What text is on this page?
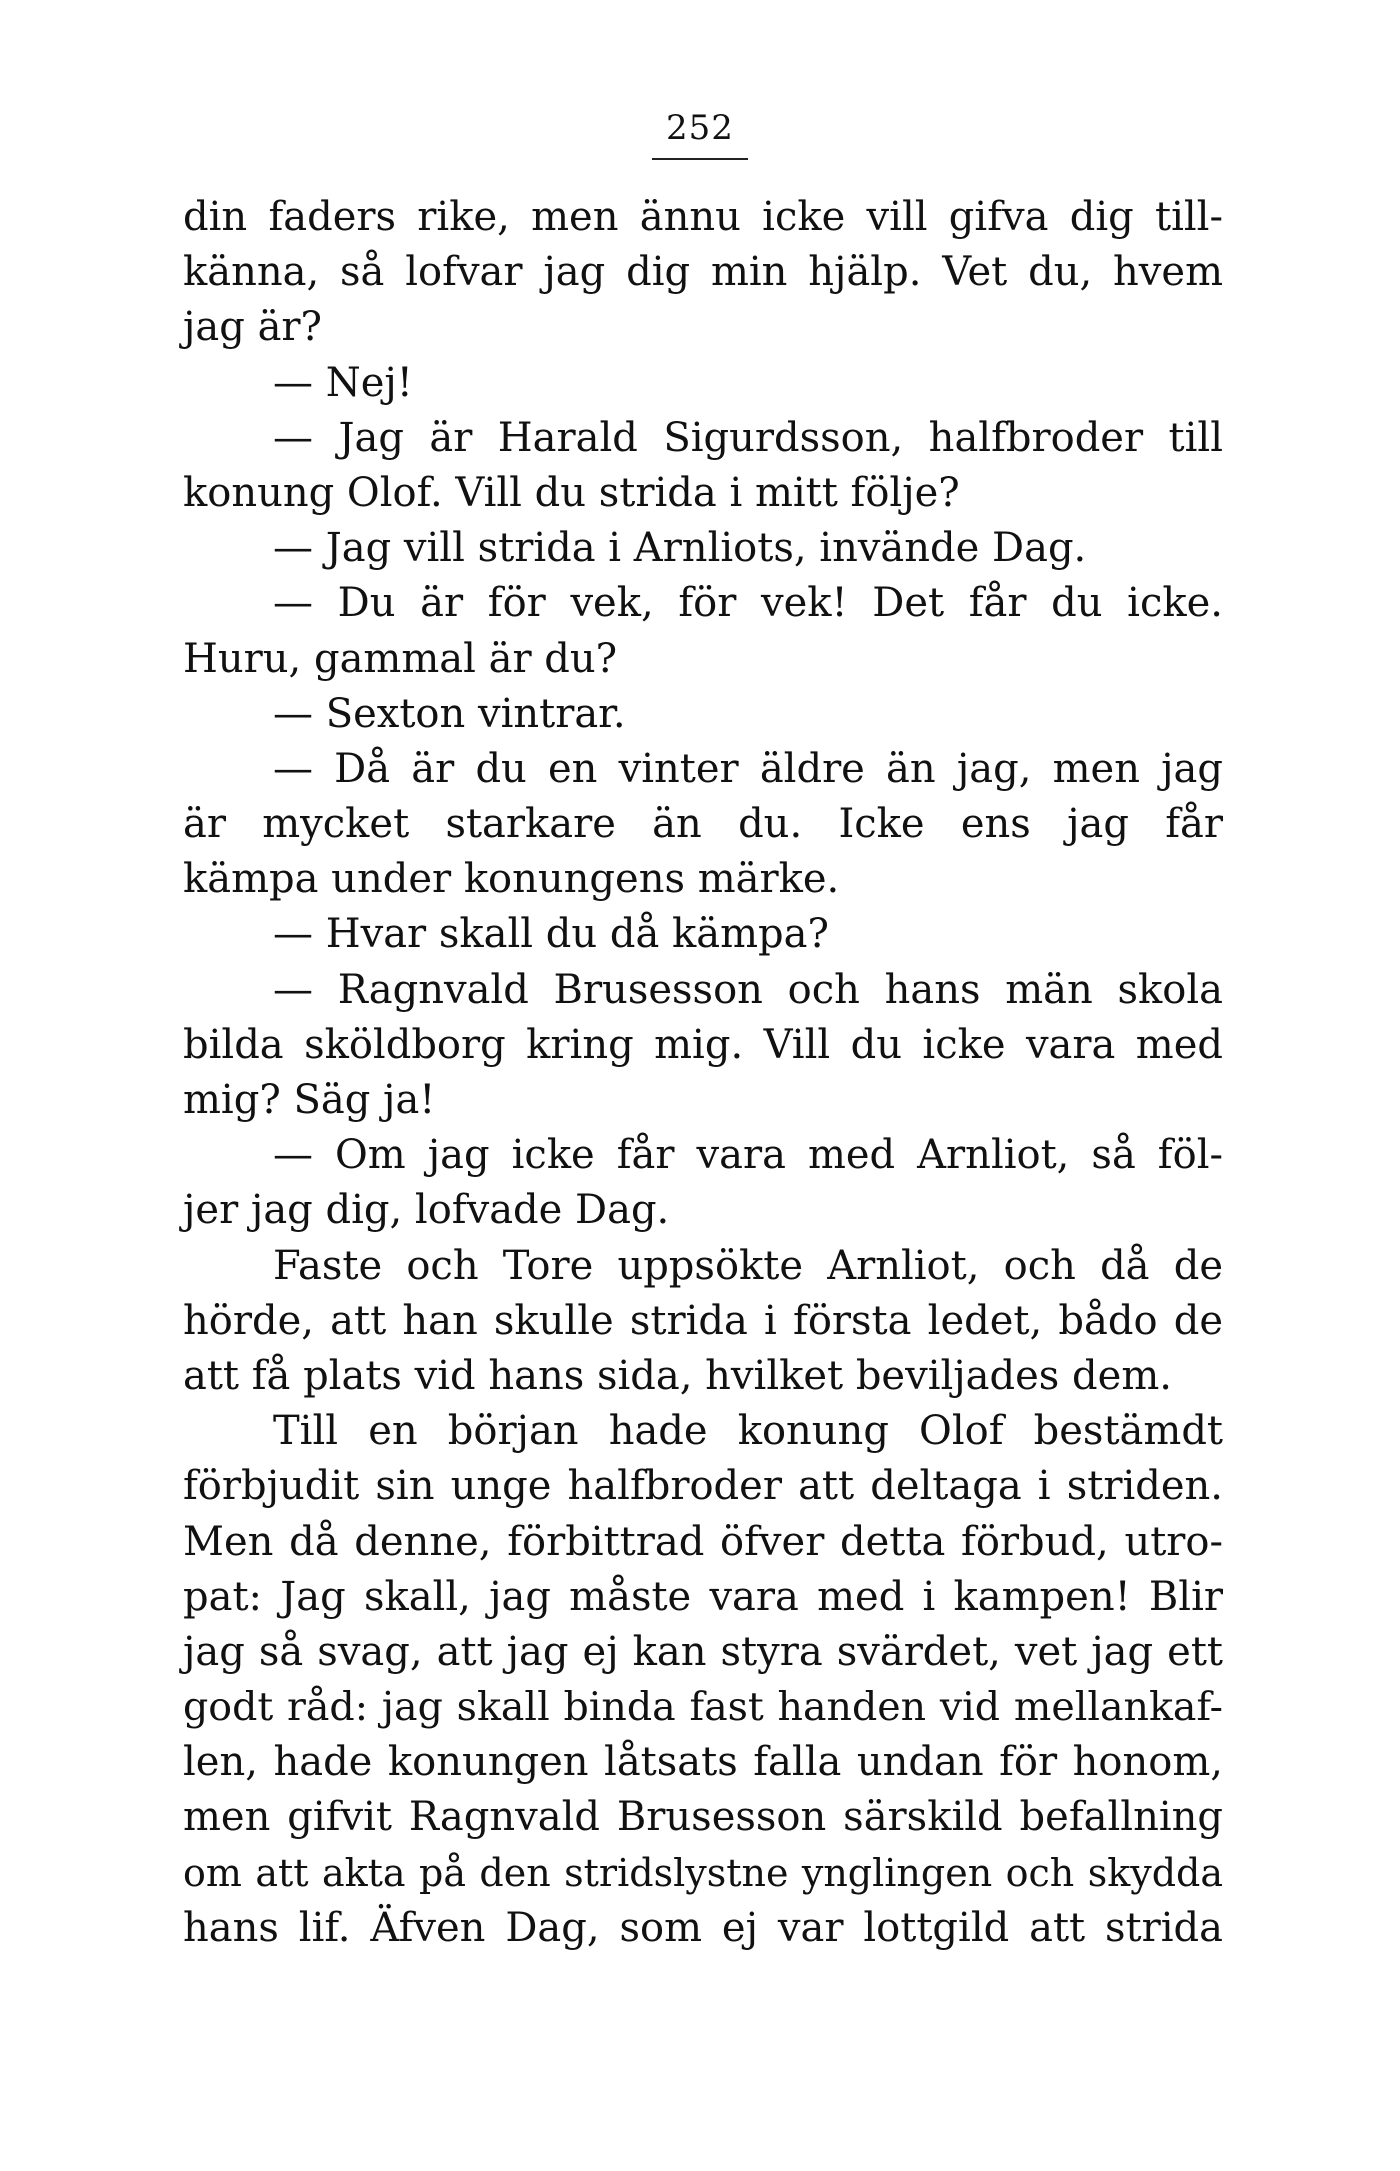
252
din faders rike, men ännu icke vill gifva dig till-
känna, så lofvar jag dig min hjälp. Vet du, hvem
jag är?
— Nej!
— Jag är Harald Sigurdsson, halfbroder till
konung Olof. Vill du strida i mitt följe?
— Jag vill strida i Arnliots, invände Dag.
— Du är för vek, för vek! Det får du icke.
Huru, gammal är du?
— Sexton vintrar.
— Då är du en vinter äldre än jag, men jag
är mycket starkare än du. Icke ens jag får
kämpa under konungens märke.
— Hvar skall du då kämpa?
— Ragnvald Brusesson och hans män skola
bilda sköldborg kring mig. Vill du icke vara med
mig? Säg ja!
— Om jag icke får vara med Arnliot, så föl-
jer jag dig, lofvade Dag.
Faste och Tore uppsökte Arnliot, och då de
hörde, att han skulle strida i första ledet, bådo de
att få plats vid hans sida, hvilket beviljades dem.
Till en början hade konung Olof bestämdt
förbjudit sin unge halfbroder att deltaga i striden.
Men då denne, förbittrad öfver detta förbud, utro-
pat: Jag skall, jag måste vara med i kampen! Blir
jag så svag, att jag ej kan styra svärdet, vet jag ett
godt råd: jag skall binda fast handen vid mellankaf-
len, hade konungen låtsats falla undan för honom,
men gifvit Ragnvald Brusesson särskild befallning
om att akta på den stridslystne ynglingen och skydda
hans lif. Äfven Dag, som ej var lottgild att strida
